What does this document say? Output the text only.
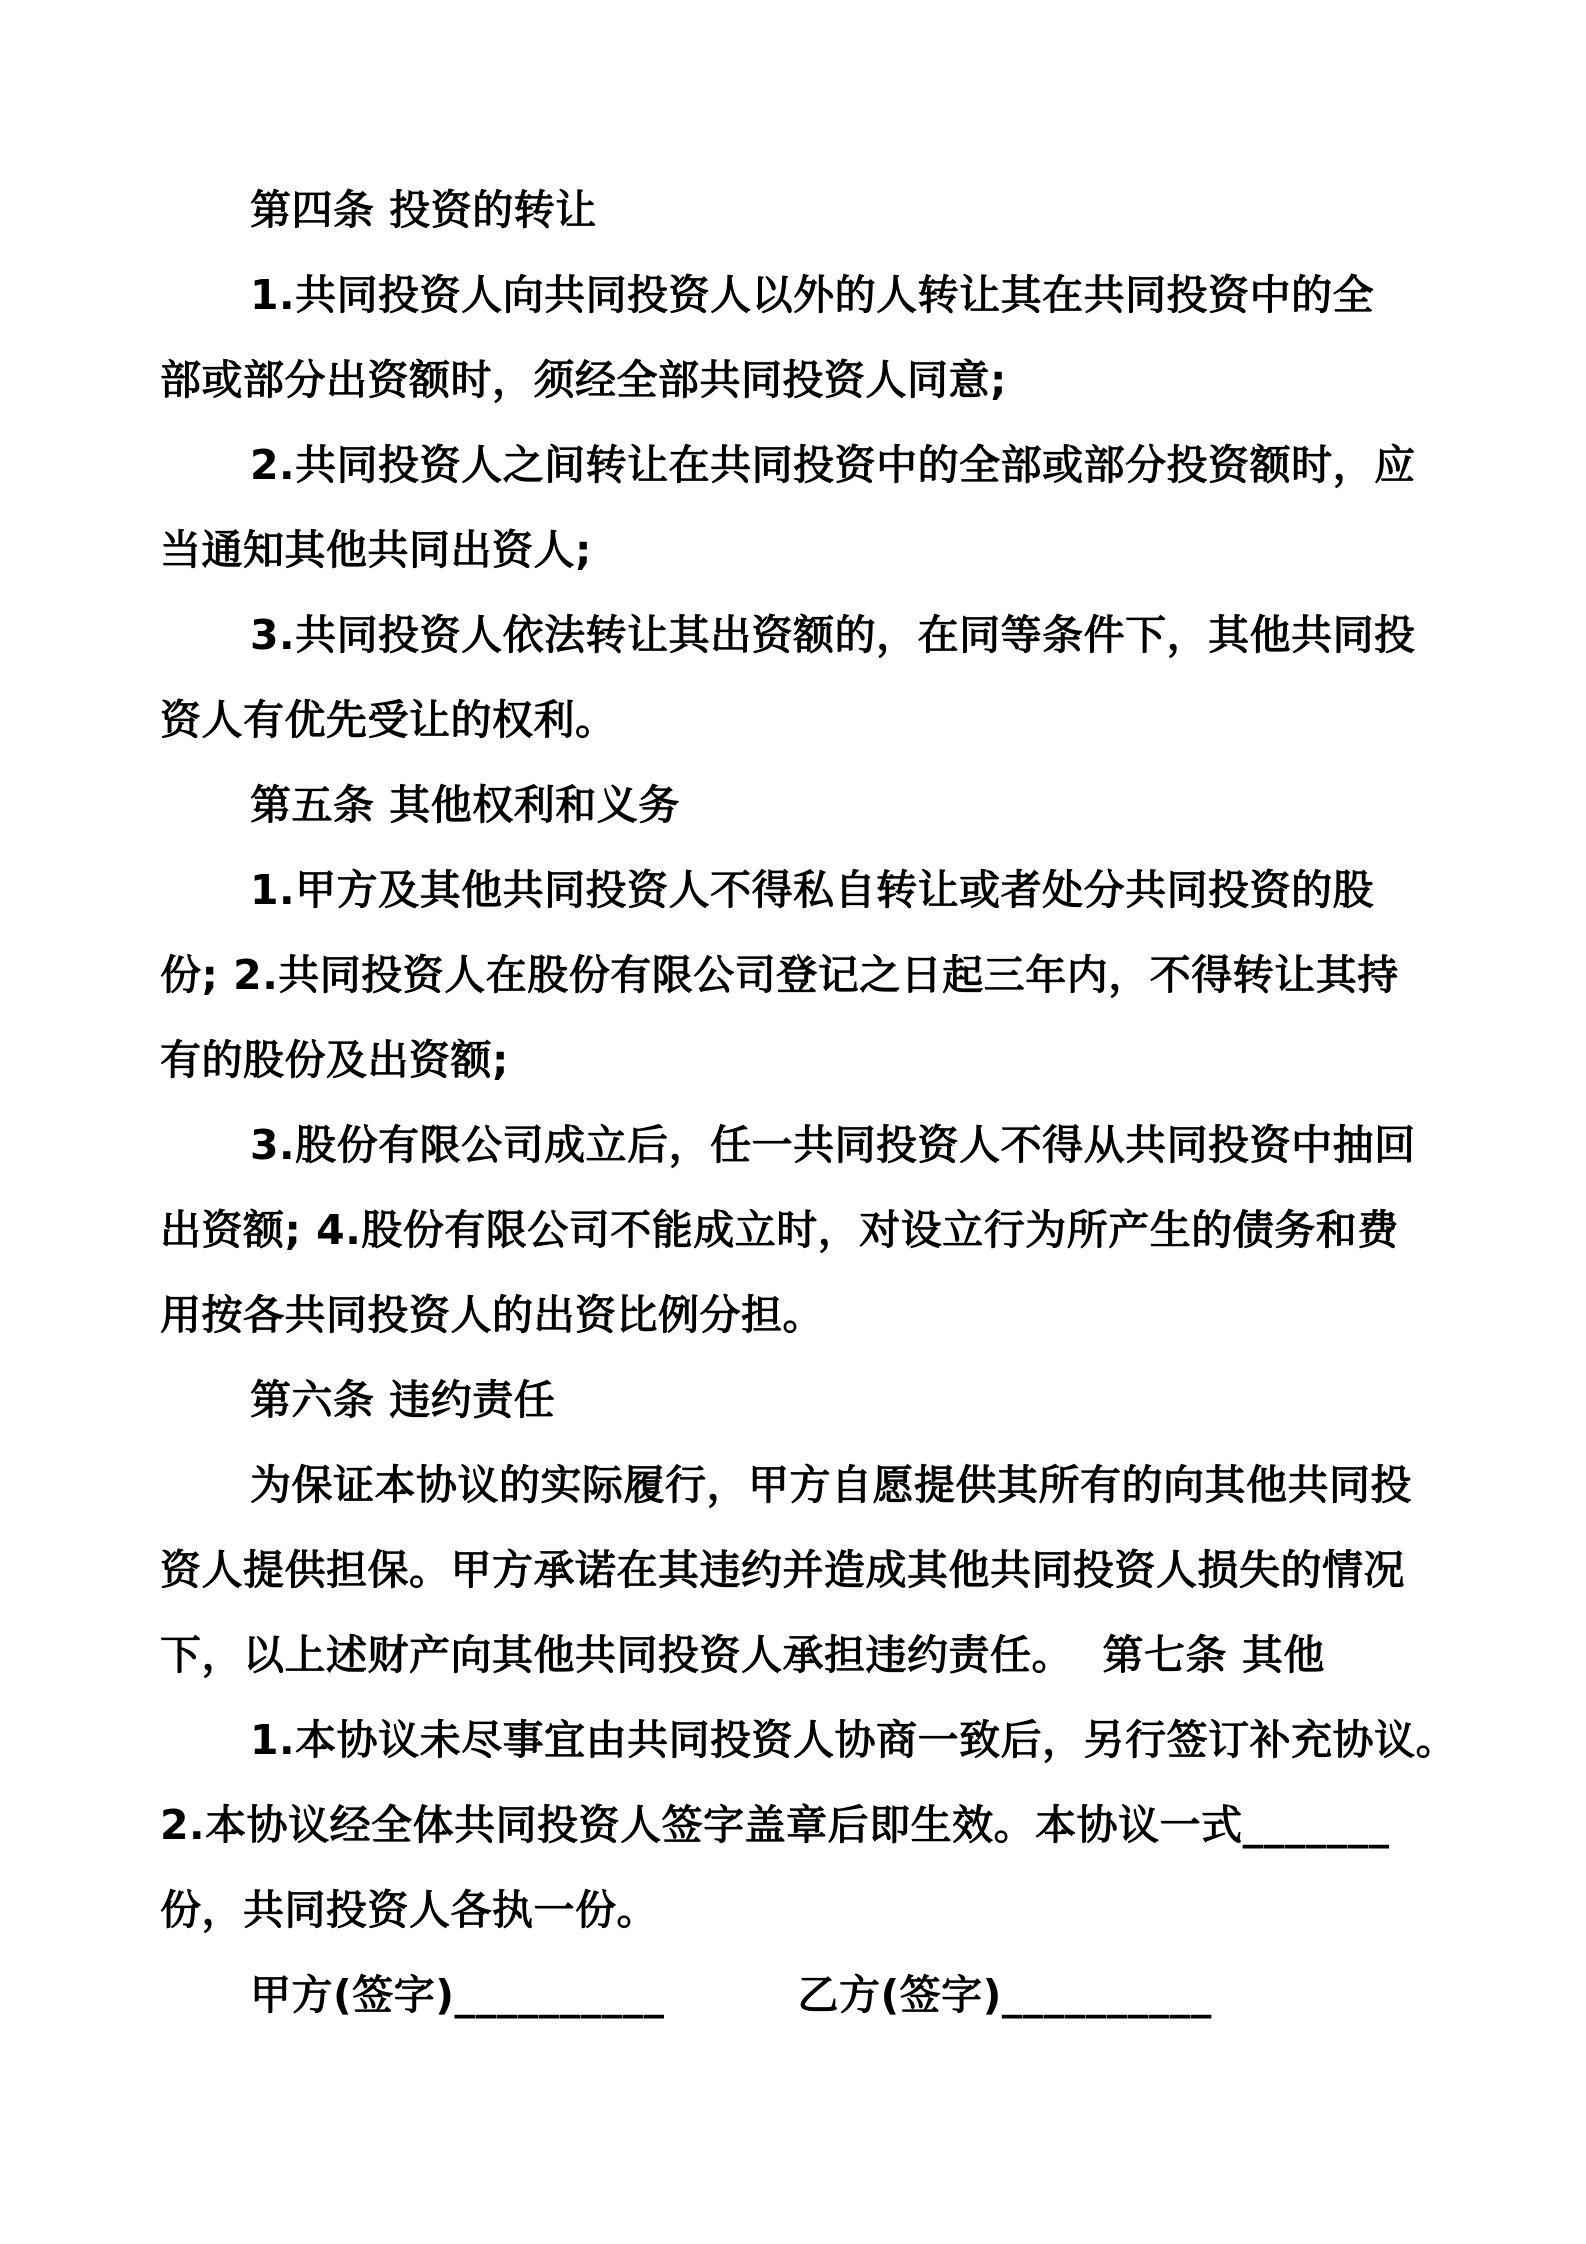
第四条 投资的转让
1.共同投资人向共同投资人以外的人转让其在共同投资中的全
部或部分出资额时，须经全部共同投资人同意;
2.共同投资人之间转让在共同投资中的全部或部分投资额时，应
当通知其他共同出资人;
3.共同投资人依法转让其出资额的，在同等条件下，其他共同投
资人有优先受让的权利。
第五条 其他权利和义务
1.甲方及其他共同投资人不得私自转让或者处分共同投资的股
份; 2.共同投资人在股份有限公司登记之日起三年内，不得转让其持
有的股份及出资额;
3.股份有限公司成立后，任一共同投资人不得从共同投资中抽回
出资额; 4.股份有限公司不能成立时，对设立行为所产生的债务和费
用按各共同投资人的出资比例分担。
第六条 违约责任
为保证本协议的实际履行，甲方自愿提供其所有的向其他共同投
资人提供担保。甲方承诺在其违约并造成其他共同投资人损失的情况
下，以上述财产向其他共同投资人承担违约责任。  第七条 其他
1.本协议未尽事宜由共同投资人协商一致后，另行签订补充协议。
2.本协议经全体共同投资人签字盖章后即生效。本协议一式_______
份，共同投资人各执一份。
甲方(签字)__________         乙方(签字)__________
